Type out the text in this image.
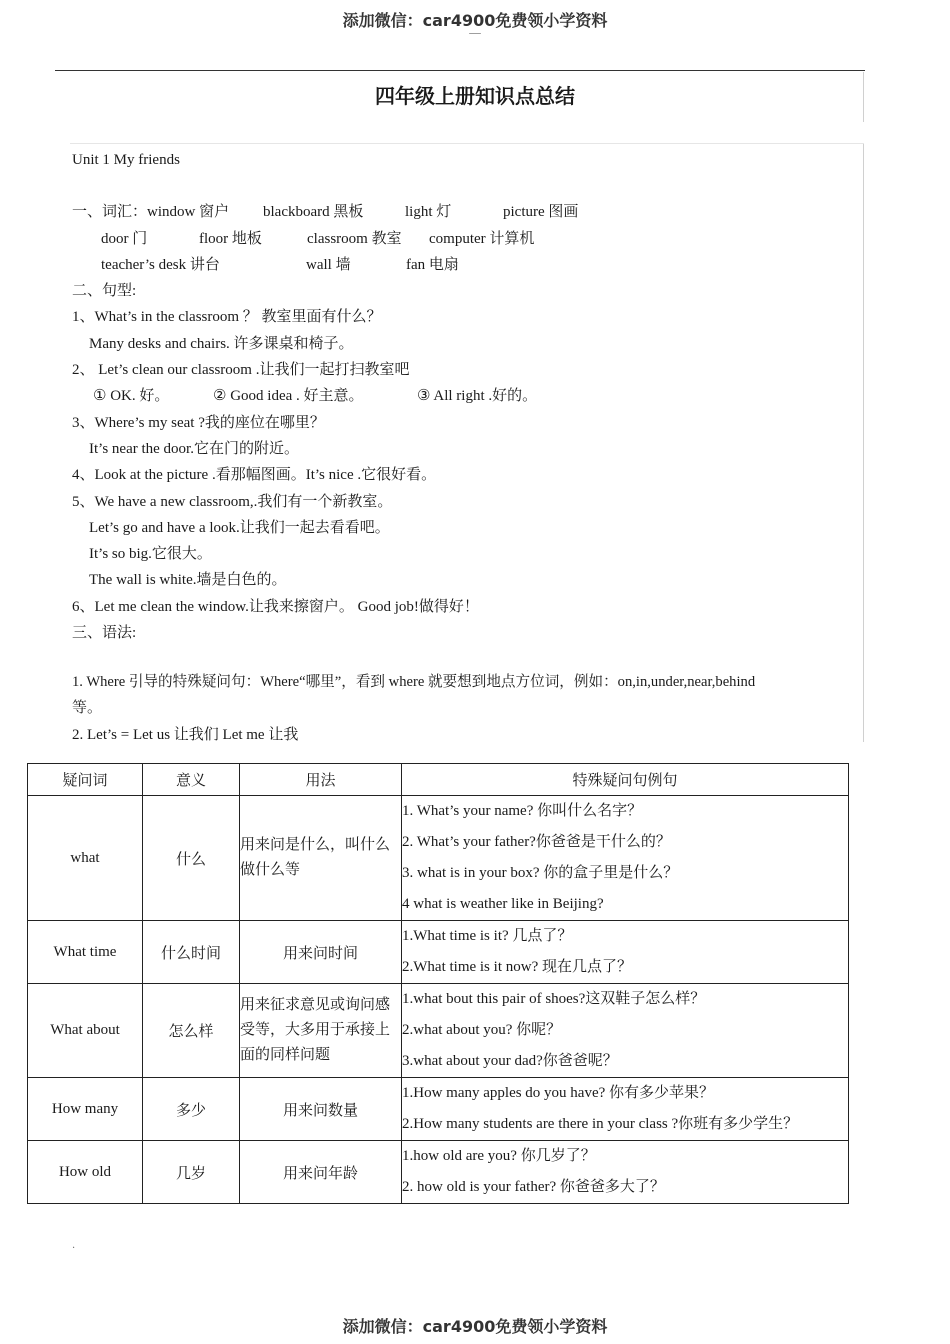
添加微信：car4900免费领小学资料
—
四年级上册知识点总结
Unit 1 My friends
一、词汇：window 窗户 blackboard 黑板	light 灯	picture 图画
door 门	floor 地板	classroom 教室 computer 计算机
teacher’s desk 讲台	wall 墙	fan 电扇
二、句型:
1、What’s in the classroom ？ 教室里面有什么？
Many desks and chairs. 许多课桌和椅子。
2、 Let’s clean our classroom .让我们一起打扫教室吧
① OK. 好。	② Good idea . 好主意。	③ All right .好的。
3、Where’s my seat ?我的座位在哪里？
It’s near the door.它在门的附近。
4、Look at the picture .看那幅图画。It’s nice .它很好看。
5、We have a new classroom,.我们有一个新教室。
Let’s go and have a look.让我们一起去看看吧。
It’s so big.它很大。
The wall is white.墙是白色的。
6、Let me clean the window.让我来擦窗户。 Good job!做得好！
三、语法:
1. Where 引导的特殊疑问句：Where“哪里”，看到 where 就要想到地点方位词，例如：on,in,under,near,behind
等。
2. Let’s = Let us 让我们 Let me 让我
疑问词	意义	用法	特殊疑问句例句
what	什么	用来问是什么，叫什么做什么等	1. What’s your name? 你叫什么名字？
2. What’s your father?你爸爸是干什么的？
3. what is in your box? 你的盒子里是什么？
4 what is weather like in Beijing?

What time	什么时间	用来问时间	1.What time is it? 几点了？
2.What time is it now? 现在几点了？

What about	怎么样	用来征求意见或询问感受等，大多用于承接上面的同样问题	1.what bout this pair of shoes?这双鞋子怎么样？
2.what about you? 你呢？
3.what about your dad?你爸爸呢？

How many	多少	用来问数量	1.How many apples do you have? 你有多少苹果？
2.How many students are there in your class ?你班有多少学生？

How old	几岁	用来问年龄	1.how old are you? 你几岁了？
2. how old is your father? 你爸爸多大了？
.
添加微信：car4900免费领小学资料
